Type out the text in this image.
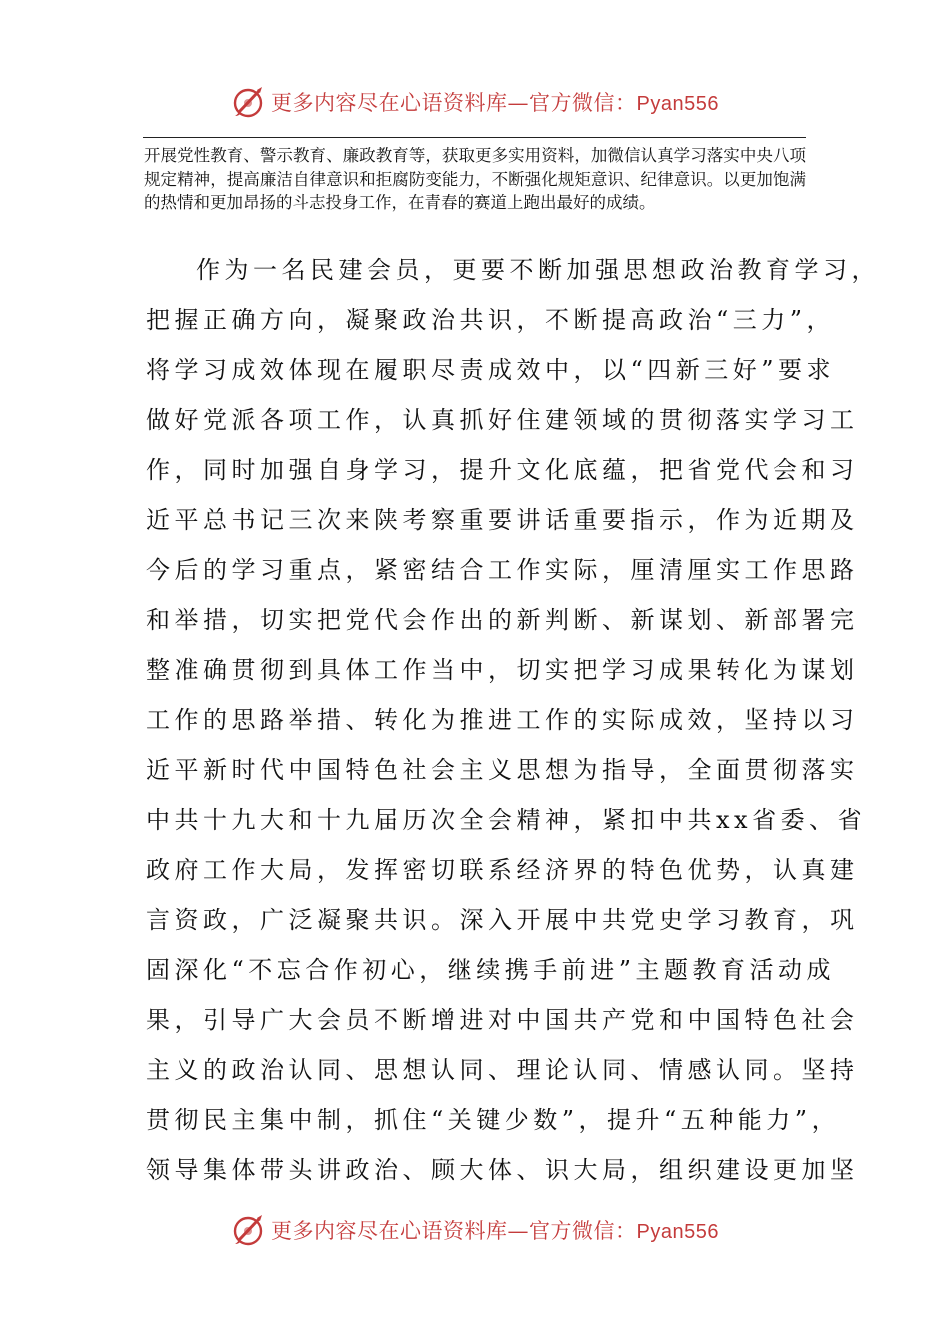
更多内容尽在心语资料库—官方微信：Pyan556

开展党性教育、警示教育、廉政教育等，获取更多实用资料，加微信认真学习落实中央八项规定精神，提高廉洁自律意识和拒腐防变能力，不断强化规矩意识、纪律意识。以更加饱满的热情和更加昂扬的斗志投身工作，在青春的赛道上跑出最好的成绩。

作为一名民建会员，更要不断加强思想政治教育学习，

把握正确方向，凝聚政治共识，不断提高政治“三力”，

将学习成效体现在履职尽责成效中，以“四新三好”要求

做好党派各项工作，认真抓好住建领域的贯彻落实学习工

作，同时加强自身学习，提升文化底蕴，把省党代会和习

近平总书记三次来陕考察重要讲话重要指示，作为近期及

今后的学习重点，紧密结合工作实际，厘清厘实工作思路

和举措，切实把党代会作出的新判断、新谋划、新部署完

整准确贯彻到具体工作当中，切实把学习成果转化为谋划

工作的思路举措、转化为推进工作的实际成效，坚持以习

近平新时代中国特色社会主义思想为指导，全面贯彻落实

中共十九大和十九届历次全会精神，紧扣中共xx省委、省

政府工作大局，发挥密切联系经济界的特色优势，认真建

言资政，广泛凝聚共识。深入开展中共党史学习教育，巩

固深化“不忘合作初心，继续携手前进”主题教育活动成

果，引导广大会员不断增进对中国共产党和中国特色社会

主义的政治认同、思想认同、理论认同、情感认同。坚持

贯彻民主集中制，抓住“关键少数”，提升“五种能力”，

领导集体带头讲政治、顾大体、识大局，组织建设更加坚

更多内容尽在心语资料库—官方微信：Pyan556
